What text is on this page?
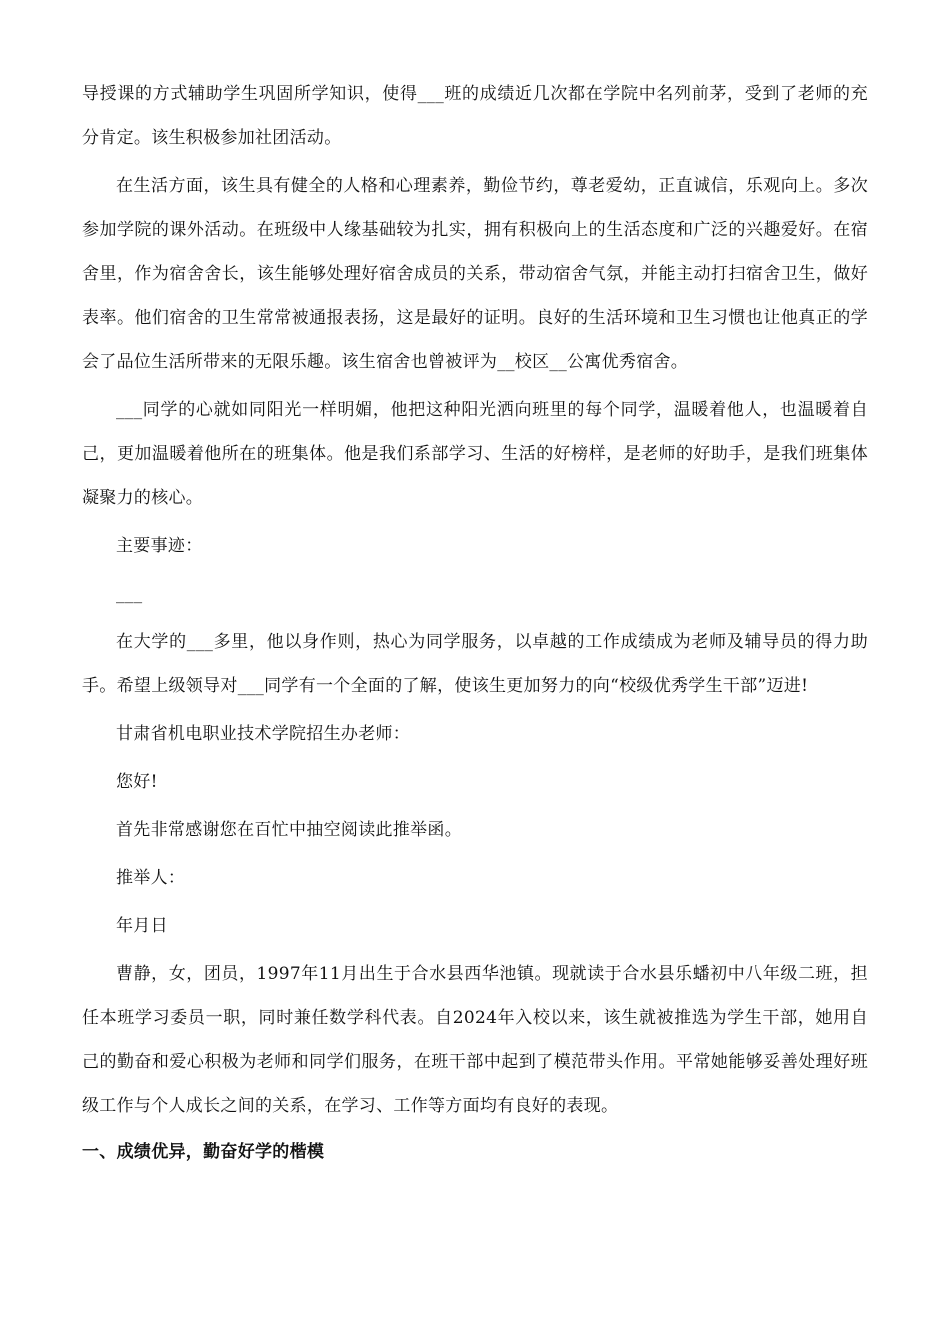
导授课的方式辅助学生巩固所学知识，使得___班的成绩近几次都在学院中名列前茅，受到了老师的充分肯定。该生积极参加社团活动。

在生活方面，该生具有健全的人格和心理素养，勤俭节约，尊老爱幼，正直诚信，乐观向上。多次参加学院的课外活动。在班级中人缘基础较为扎实，拥有积极向上的生活态度和广泛的兴趣爱好。在宿舍里，作为宿舍舍长，该生能够处理好宿舍成员的关系，带动宿舍气氛，并能主动打扫宿舍卫生，做好表率。他们宿舍的卫生常常被通报表扬，这是最好的证明。良好的生活环境和卫生习惯也让他真正的学会了品位生活所带来的无限乐趣。该生宿舍也曾被评为__校区__公寓优秀宿舍。

___同学的心就如同阳光一样明媚，他把这种阳光洒向班里的每个同学，温暖着他人，也温暖着自己，更加温暖着他所在的班集体。他是我们系部学习、生活的好榜样，是老师的好助手，是我们班集体凝聚力的核心。

主要事迹：

___

在大学的___多里，他以身作则，热心为同学服务，以卓越的工作成绩成为老师及辅导员的得力助手。希望上级领导对___同学有一个全面的了解，使该生更加努力的向“校级优秀学生干部”迈进!

甘肃省机电职业技术学院招生办老师：

您好!

首先非常感谢您在百忙中抽空阅读此推举函。

推举人：

年月日

曹静，女，团员，1997年11月出生于合水县西华池镇。现就读于合水县乐蟠初中八年级二班，担任本班学习委员一职，同时兼任数学科代表。自2024年入校以来，该生就被推选为学生干部，她用自己的勤奋和爱心积极为老师和同学们服务，在班干部中起到了模范带头作用。平常她能够妥善处理好班级工作与个人成长之间的关系，在学习、工作等方面均有良好的表现。

一、成绩优异，勤奋好学的楷模
